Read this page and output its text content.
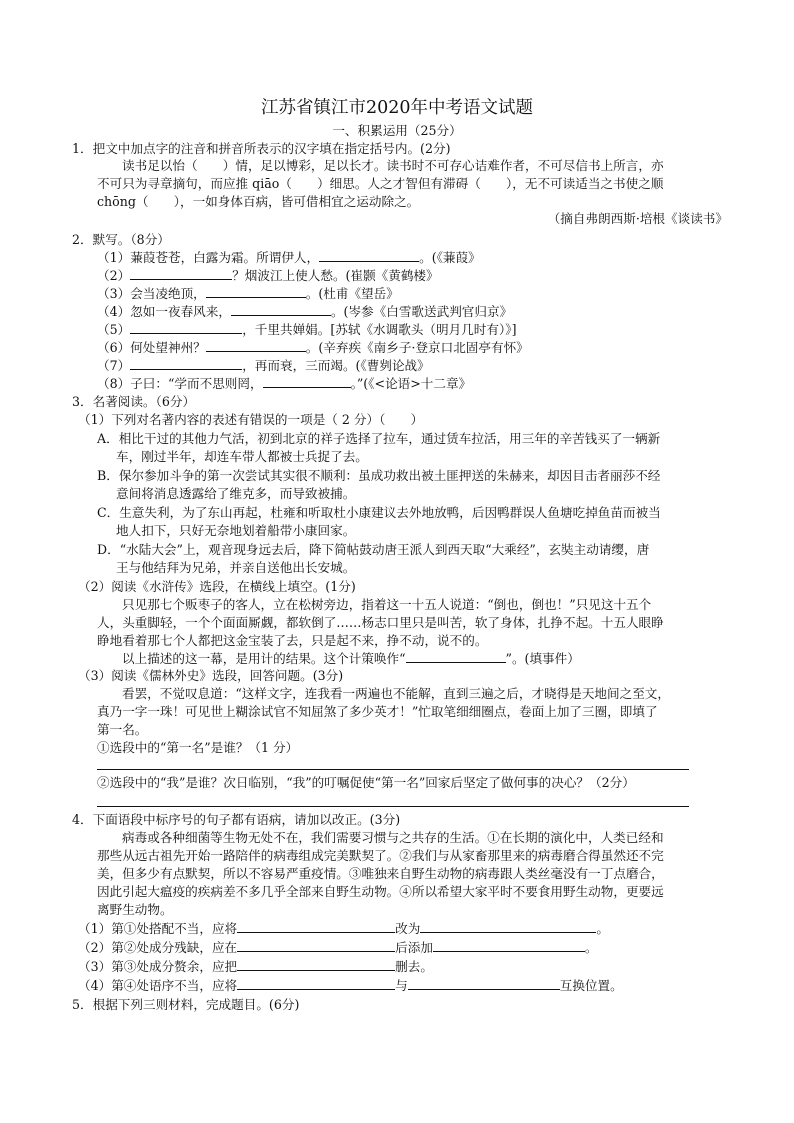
江苏省镇江市2020年中考语文试题
一、积累运用（25分）
1．把文中加点字的注音和拼音所表示的汉字填在指定括号内。(2分)
读书足以怡（　　）情，足以博彩，足以长才。读书时不可存心诘难作者，不可尽信书上所言，亦
不可只为寻章摘句，而应推 qiāo（　　）细思。人之才智但有滞碍（　　），无不可读适当之书使之顺
chōng（　　），一如身体百病，皆可借相宜之运动除之。
（摘自弗朗西斯·培根《谈读书》
2．默写。（8分）
（1）蒹葭苍苍，白露为霜。所谓伊人，	。(《蒹葭》
（2）	？烟波江上使人愁。(崔颢《黄鹤楼》
（3）会当凌绝顶，	。(杜甫《望岳》
（4）忽如一夜春风来，	。(岑参《白雪歌送武判官归京》
（5）	，千里共婵娟。[苏轼《水调歌头（明月几时有）》]
（6）何处望神州？	。(辛弃疾《南乡子·登京口北固亭有怀》
（7）	，再而衰，三而竭。(《曹刿论战》
（8）子曰：“学而不思则罔，	。”(《<论语>十二章》
3．名著阅读。（6分）
（1）下列对名著内容的表述有错误的一项是（ 2 分）（　　）
A．相比干过的其他力气活，初到北京的祥子选择了拉车，通过赁车拉活，用三年的辛苦钱买了一辆新
车，刚过半年，却连车带人都被士兵捉了去。
B．保尔参加斗争的第一次尝试其实很不顺利：虽成功救出被土匪押送的朱赫来，却因目击者丽莎不经
意间将消息透露给了维克多，而导致被捕。
C．生意失利，为了东山再起，杜雍和听取杜小康建议去外地放鸭，后因鸭群误人鱼塘吃掉鱼苗而被当
地人扣下，只好无奈地划着船带小康回家。
D．“水陆大会”上，观音现身远去后，降下简帖鼓动唐王派人到西天取“大乘经”，玄奘主动请缨，唐
王与他结拜为兄弟，并亲自送他出长安城。
（2）阅读《水浒传》选段，在横线上填空。(1分)
只见那七个贩枣子的客人，立在松树旁边，指着这一十五人说道：“倒也，倒也！”只见这十五个
人，头重脚轻，一个个面面厮觑，都软倒了……杨志口里只是叫苦，软了身体，扎挣不起。十五人眼睁
睁地看着那七个人都把这金宝装了去，只是起不来，挣不动，说不的。
以上描述的这一幕，是用计的结果。这个计策唤作“	”。(填事件）
（3）阅读《儒林外史》选段，回答问题。(3分)
看罢，不觉叹息道：“这样文字，连我看一两遍也不能解，直到三遍之后，才晓得是天地间之至文，
真乃一字一珠！可见世上糊涂试官不知屈煞了多少英才！”忙取笔细细圈点，卷面上加了三圈，即填了
第一名。
①选段中的“第一名”是谁？（1 分）
②选段中的“我”是谁？次日临别，“我”的叮嘱促使“第一名”回家后坚定了做何事的决心？（2分）
4．下面语段中标序号的句子都有语病，请加以改正。(3分)
病毒或各种细菌等生物无处不在，我们需要习惯与之共存的生活。①在长期的演化中，人类已经和
那些从远古祖先开始一路陪伴的病毒组成完美默契了。②我们与从家畜那里来的病毒磨合得虽然还不完
美，但多少有点默契，所以不容易严重疫情。③唯独来自野生动物的病毒跟人类丝毫没有一丁点磨合，
因此引起大瘟疫的疾病差不多几乎全部来自野生动物。④所以希望大家平时不要食用野生动物，更要远
离野生动物。
（1）第①处搭配不当，应将	改为	。
（2）第②处成分残缺，应在	后添加	。
（3）第③处成分赘余，应把	删去。
（4）第④处语序不当，应将	与	互换位置。
5．根据下列三则材料，完成题目。(6分)
